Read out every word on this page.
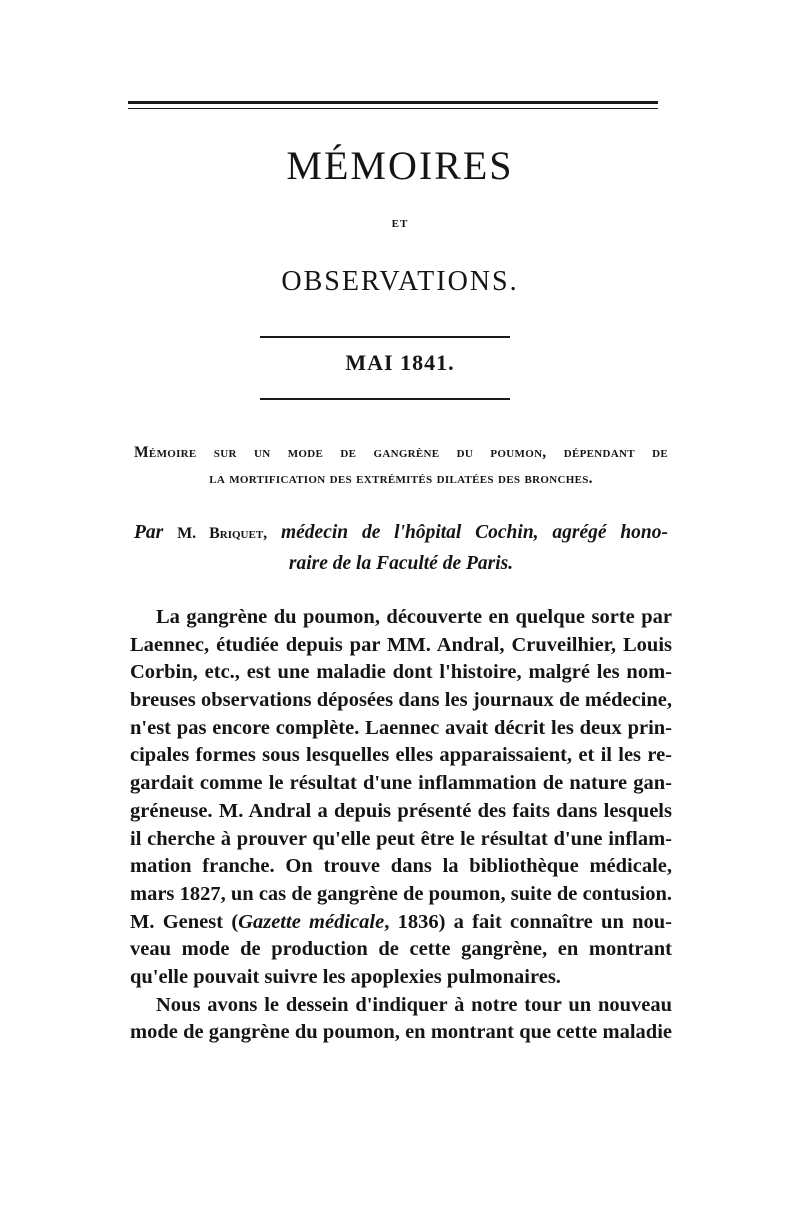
MÉMOIRES
ET
OBSERVATIONS.
MAI 1841.
Mémoire sur un mode de gangrène du poumon, dépendant de
la mortification des extrémités dilatées des bronches.
Par M. Briquet, médecin de l'hôpital Cochin, agrégé hono-
raire de la Faculté de Paris.
La gangrène du poumon, découverte en quelque sorte par
Laennec, étudiée depuis par MM. Andral, Cruveilhier, Louis
Corbin, etc., est une maladie dont l'histoire, malgré les nom-
breuses observations déposées dans les journaux de médecine,
n'est pas encore complète. Laennec avait décrit les deux prin-
cipales formes sous lesquelles elles apparaissaient, et il les re-
gardait comme le résultat d'une inflammation de nature gan-
gréneuse. M. Andral a depuis présenté des faits dans lesquels
il cherche à prouver qu'elle peut être le résultat d'une inflam-
mation franche. On trouve dans la bibliothèque médicale,
mars 1827, un cas de gangrène de poumon, suite de contusion.
M. Genest (Gazette médicale, 1836) a fait connaître un nou-
veau mode de production de cette gangrène, en montrant
qu'elle pouvait suivre les apoplexies pulmonaires.
Nous avons le dessein d'indiquer à notre tour un nouveau
mode de gangrène du poumon, en montrant que cette maladie
